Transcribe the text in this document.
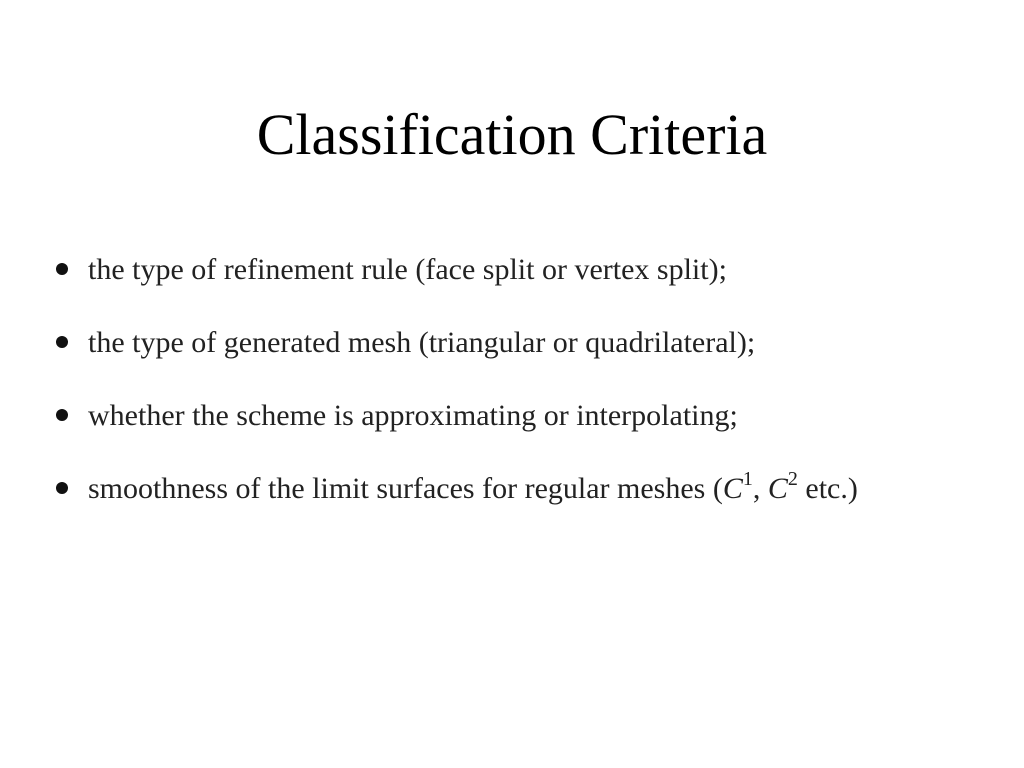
Classification Criteria
the type of refinement rule (face split or vertex split);
the type of generated mesh (triangular or quadrilateral);
whether the scheme is approximating or interpolating;
smoothness of the limit surfaces for regular meshes ($C^1$, $C^2$ etc.)
